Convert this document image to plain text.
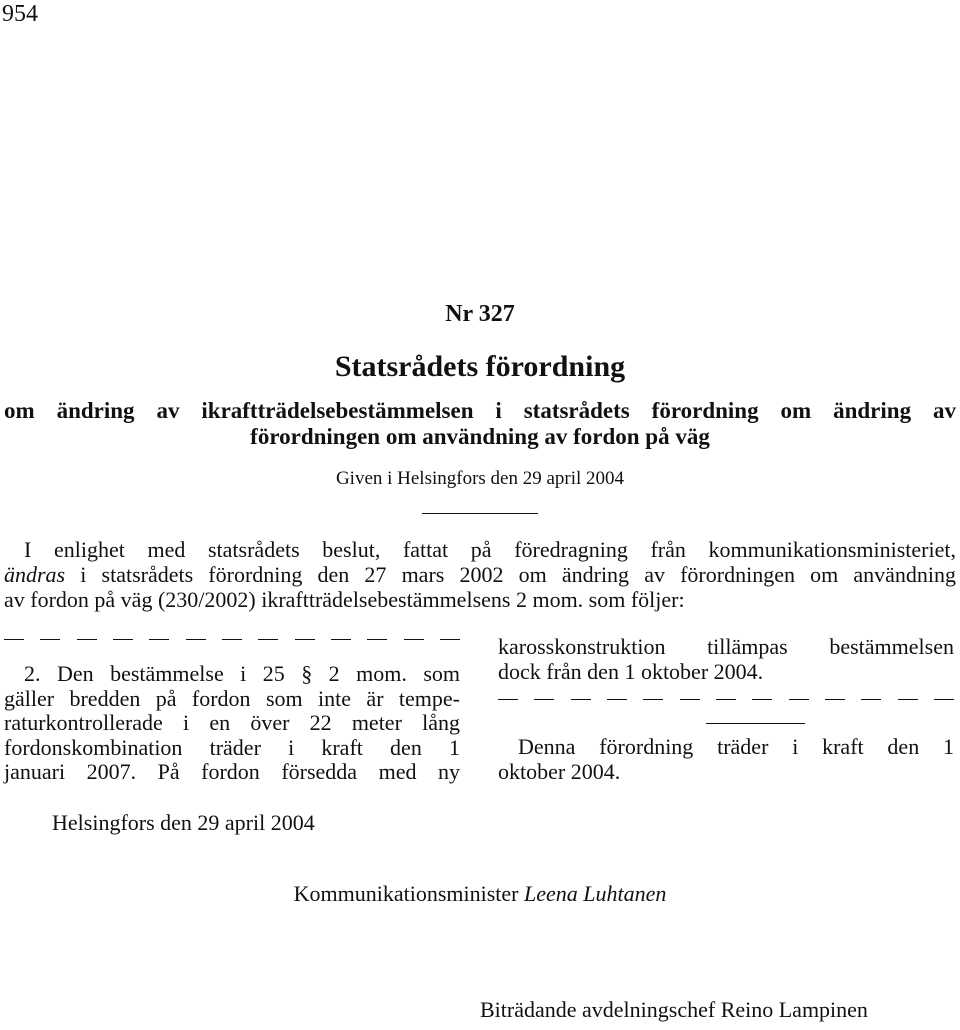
954
Nr 327
Statsrådets förordning
om ändring av ikraftträdelsebestämmelsen i statsrådets förordning om ändring av
förordningen om användning av fordon på väg
Given i Helsingfors den 29 april 2004
I enlighet med statsrådets beslut, fattat på föredragning från kommunikationsministeriet,
ändras i statsrådets förordning den 27 mars 2002 om ändring av förordningen om användning
av fordon på väg (230/2002) ikraftträdelsebestämmelsens 2 mom. som följer:
2. Den bestämmelse i 25 § 2 mom. som
gäller bredden på fordon som inte är tempe-
raturkontrollerade i en över 22 meter lång
fordonskombination träder i kraft den 1
januari 2007. På fordon försedda med ny
karosskonstruktion tillämpas bestämmelsen
dock från den 1 oktober 2004.
Denna förordning träder i kraft den 1
oktober 2004.
Helsingfors den 29 april 2004
Kommunikationsminister Leena Luhtanen
Biträdande avdelningschef Reino Lampinen
